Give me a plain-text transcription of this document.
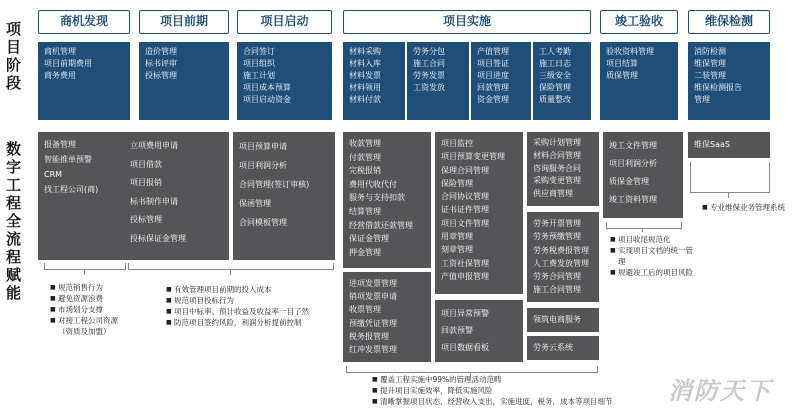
项目阶段
数字工程全流程赋能
商机发现	项目前期	项目启动	项目实施	竣工验收	维保检测
商机管理
项目前期费用
商务费用
造价管理
标书评审
投标管理
合同签订
项目组织
施工计划
项目成本预算
项目启动资金
材料采购
材料入库
材料发票
材料领用
材料付款
劳务分包
施工合同
劳务发票
工资发放
产值管理
项目签证
项目进度
回款管理
资金管理
工人考勤
施工日志
三级安全
保险管理
质量整改
验收资料管理
项目结算
质保管理
消防检测
维保管理
二装管理
维保检测报告
管理
报备管理
智能推单预警
CRM
找工程公司(商)
立项费用申请
项目借款
项目报销
标书制作申请
投标管理
投标保证金管理
项目预算申请
项目利润分析
合同管理(签订审核)
保函管理
合同模板管理
收款管理
付款管理
完税报销
费用代收代付
服务与支持扣款
结算管理
经营借款还款管理
保证金管理
押金管理
进项发票管理
销项发票申请
收票管理
预缴凭证管理
税务报管理
红冲发票管理
项目监控
项目预算变更管理
保理合同管理
保险管理
合同协议管理
证书证件管理
项目文件管理
用章管理
刻章管理
工资社保管理
产值申报管理
项目异常预警
回款预警
项目数据看板
采购计划管理
材料合同管理
咨询服务合同
采购变更管理
供应商管理
劳务开票管理
劳务预缴管理
劳务税费报管理
人工费发放管理
劳务合同管理
施工合同管理
领筑电商服务
劳务云系统
竣工文件管理
项目利润分析
质保金管理
竣工资料管理
维保SaaS
■ 规范销售行为
■ 避免资源浪费
■ 市场划分支撑
■ 对接工程公司资源（资质及加盟）
■ 有效管理项目前期的投入成本
■ 规范项目投标行为
■ 项目中标率、预计收益及收益率一目了然
■ 防范项目签约风险，利润分析提前控制
■ 覆盖工程实施中99%的管理活动范畴
■ 提升项目实施效率，降低实施风险
■ 清晰掌握项目状态，经营收入支出，实施进度，税务，成本等项目细节
■ 项目收尾规范化
■ 实现项目文档的统一管理
■ 规避竣工后的项目风险
■ 专业维保业务管理系统
消防天下
